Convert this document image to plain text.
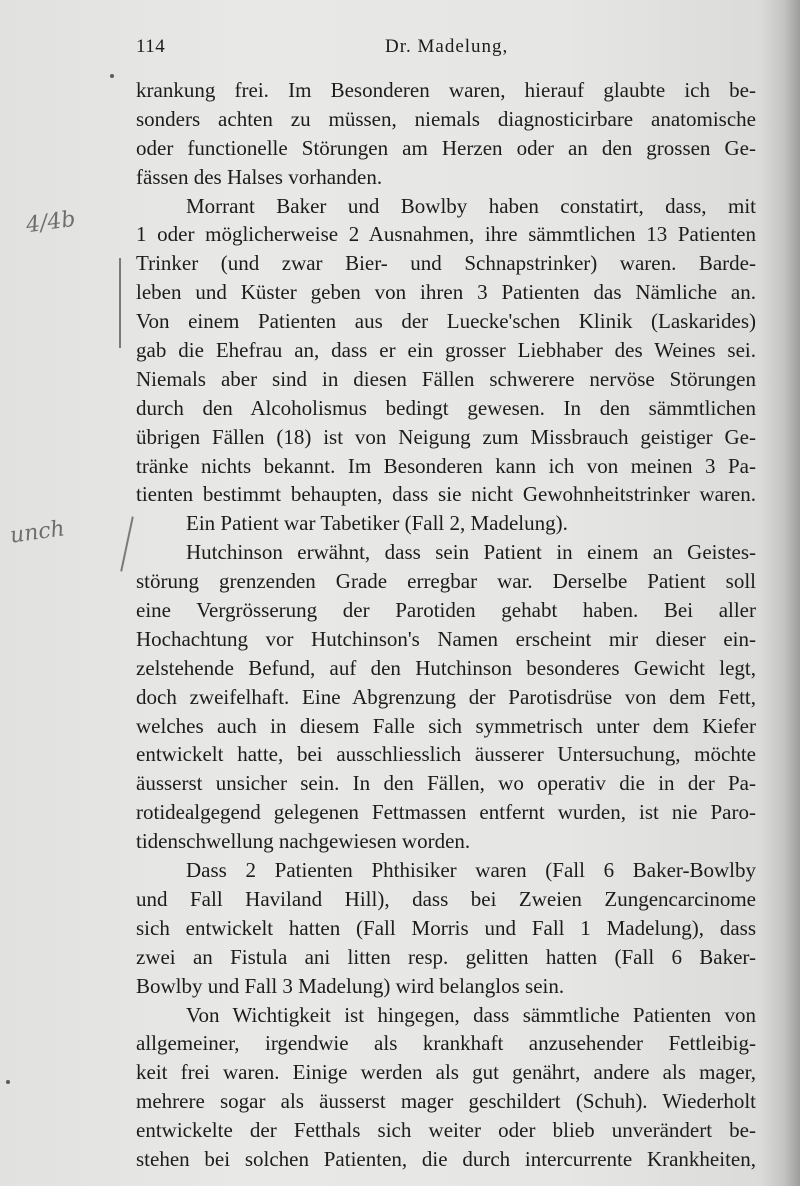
114	Dr. Madelung,
4/4b
unch
krankung frei. Im Besonderen waren, hierauf glaubte ich be-
sonders achten zu müssen, niemals diagnosticirbare anatomische
oder functionelle Störungen am Herzen oder an den grossen Ge-
fässen des Halses vorhanden.
Morrant Baker und Bowlby haben constatirt, dass, mit
1 oder möglicherweise 2 Ausnahmen, ihre sämmtlichen 13 Patienten
Trinker (und zwar Bier- und Schnapstrinker) waren. Barde-
leben und Küster geben von ihren 3 Patienten das Nämliche an.
Von einem Patienten aus der Luecke'schen Klinik (Laskarides)
gab die Ehefrau an, dass er ein grosser Liebhaber des Weines sei.
Niemals aber sind in diesen Fällen schwerere nervöse Störungen
durch den Alcoholismus bedingt gewesen. In den sämmtlichen
übrigen Fällen (18) ist von Neigung zum Missbrauch geistiger Ge-
tränke nichts bekannt. Im Besonderen kann ich von meinen 3 Pa-
tienten bestimmt behaupten, dass sie nicht Gewohnheitstrinker waren.
Ein Patient war Tabetiker (Fall 2, Madelung).
Hutchinson erwähnt, dass sein Patient in einem an Geistes-
störung grenzenden Grade erregbar war. Derselbe Patient soll
eine Vergrösserung der Parotiden gehabt haben. Bei aller
Hochachtung vor Hutchinson's Namen erscheint mir dieser ein-
zelstehende Befund, auf den Hutchinson besonderes Gewicht legt,
doch zweifelhaft. Eine Abgrenzung der Parotisdrüse von dem Fett,
welches auch in diesem Falle sich symmetrisch unter dem Kiefer
entwickelt hatte, bei ausschliesslich äusserer Untersuchung, möchte
äusserst unsicher sein. In den Fällen, wo operativ die in der Pa-
rotidealgegend gelegenen Fettmassen entfernt wurden, ist nie Paro-
tidenschwellung nachgewiesen worden.
Dass 2 Patienten Phthisiker waren (Fall 6 Baker-Bowlby
und Fall Haviland Hill), dass bei Zweien Zungencarcinome
sich entwickelt hatten (Fall Morris und Fall 1 Madelung), dass
zwei an Fistula ani litten resp. gelitten hatten (Fall 6 Baker-
Bowlby und Fall 3 Madelung) wird belanglos sein.
Von Wichtigkeit ist hingegen, dass sämmtliche Patienten von
allgemeiner, irgendwie als krankhaft anzusehender Fettleibig-
keit frei waren. Einige werden als gut genährt, andere als mager,
mehrere sogar als äusserst mager geschildert (Schuh). Wiederholt
entwickelte der Fetthals sich weiter oder blieb unverändert be-
stehen bei solchen Patienten, die durch intercurrente Krankheiten,
